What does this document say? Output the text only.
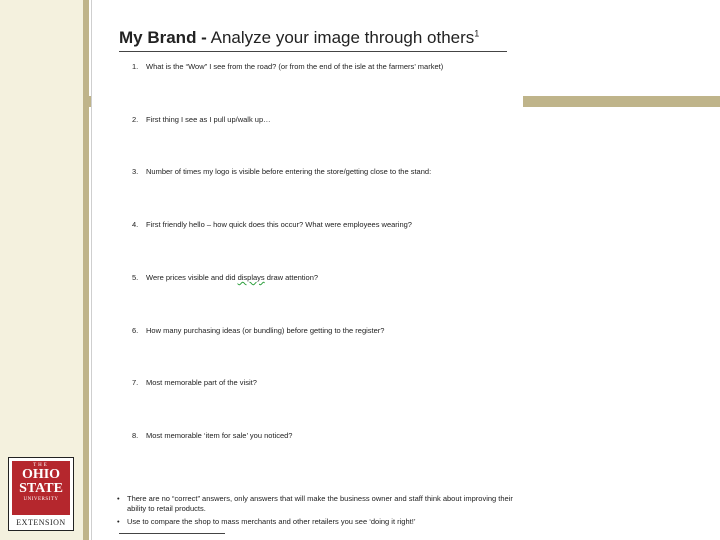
My Brand - Analyze your image through others$^1$
1. What is the “Wow” I see from the road? (or from the end of the isle at the farmers’ market)
2. First thing I see as I pull up/walk up…
3. Number of times my logo is visible before entering the store/getting close to the stand:
4. First friendly hello – how quick does this occur? What were employees wearing?
5. Were prices visible and did displays draw attention?
6. How many purchasing ideas (or bundling) before getting to the register?
7. Most memorable part of the visit?
8. Most memorable ‘item for sale’ you noticed?
• There are no “correct” answers, only answers that will make the business owner and staff think about improving their ability to retail products.
• Use to compare the shop to mass merchants and other retailers you see ‘doing it right!’
THE
OHIO
STATE
UNIVERSITY
EXTENSION
